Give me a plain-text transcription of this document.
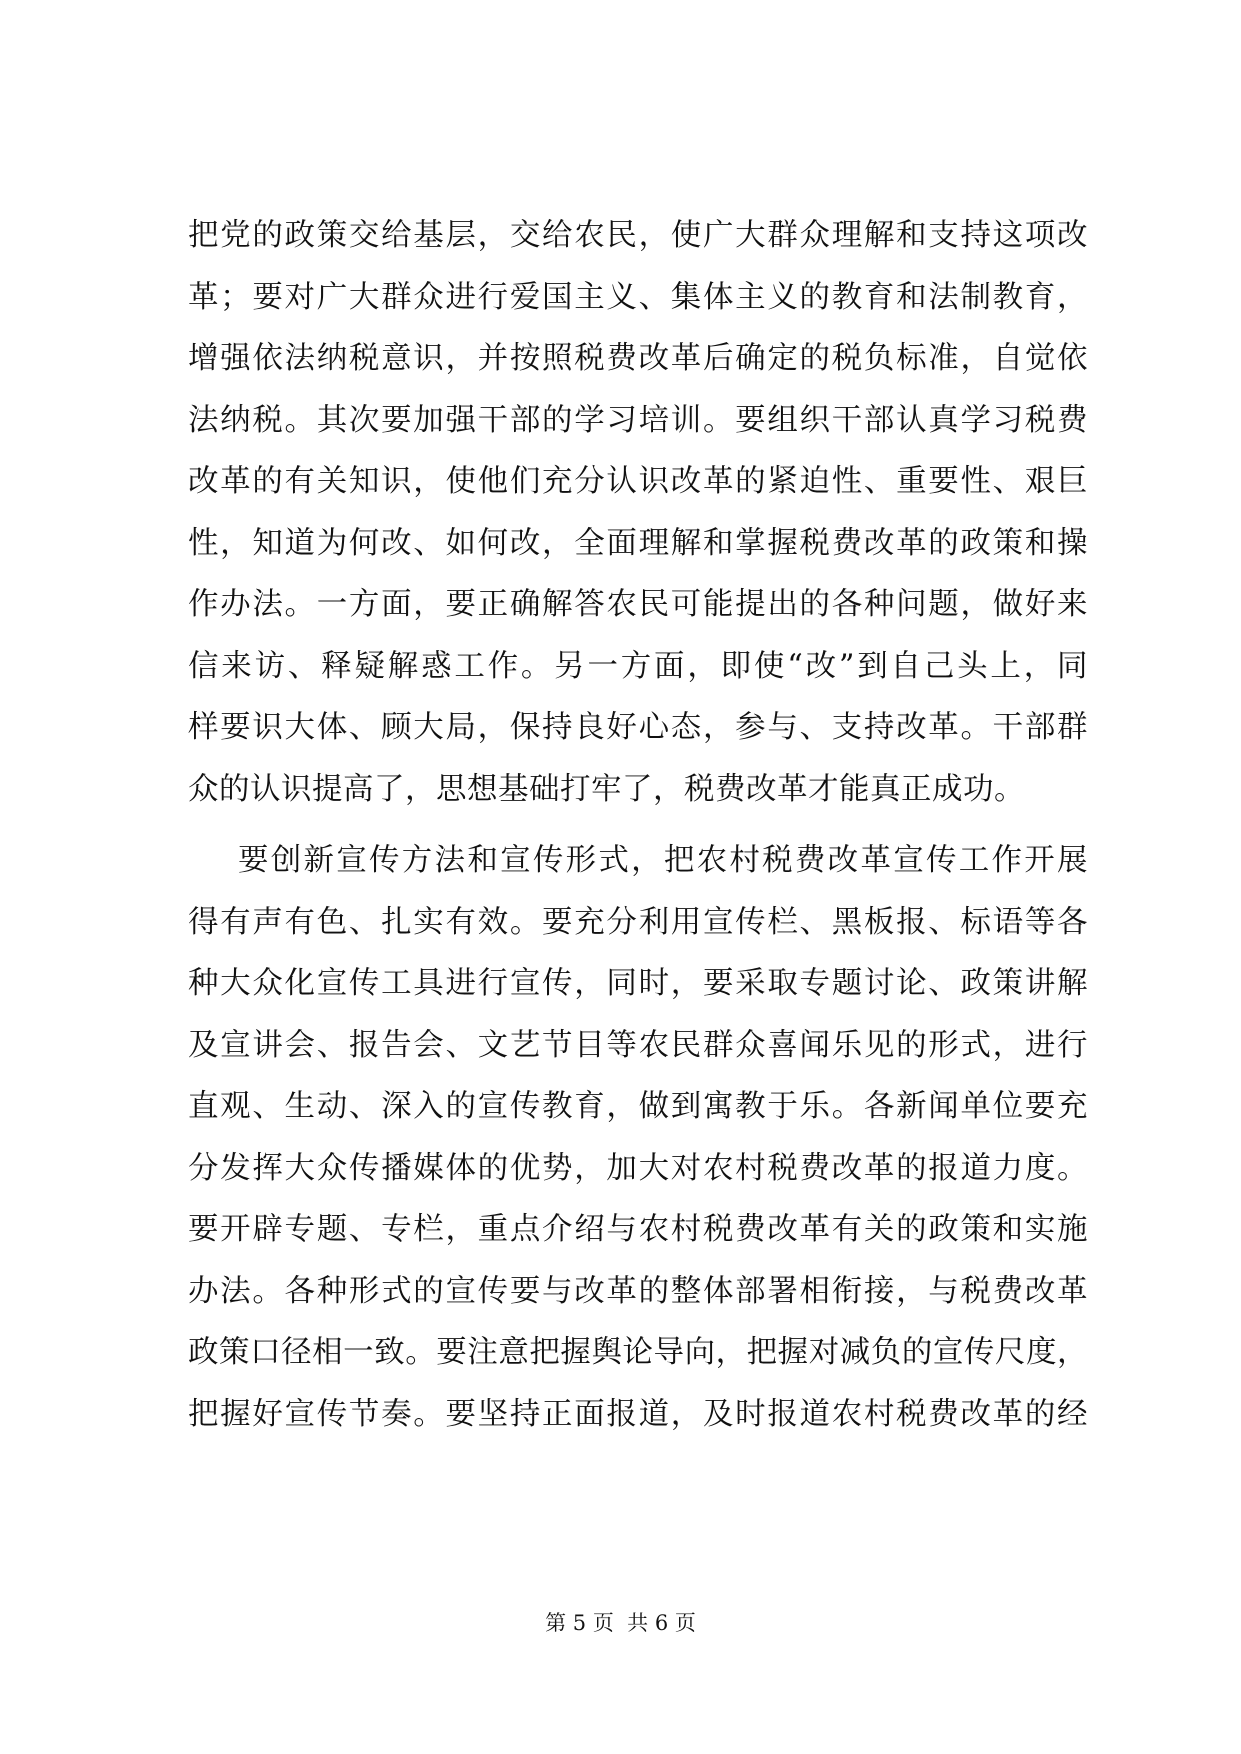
把党的政策交给基层，交给农民，使广大群众理解和支持这项改
革；要对广大群众进行爱国主义、集体主义的教育和法制教育，
增强依法纳税意识，并按照税费改革后确定的税负标准，自觉依
法纳税。其次要加强干部的学习培训。要组织干部认真学习税费
改革的有关知识，使他们充分认识改革的紧迫性、重要性、艰巨
性，知道为何改、如何改，全面理解和掌握税费改革的政策和操
作办法。一方面，要正确解答农民可能提出的各种问题，做好来
信来访、释疑解惑工作。另一方面，即使“改”到自己头上，同
样要识大体、顾大局，保持良好心态，参与、支持改革。干部群
众的认识提高了，思想基础打牢了，税费改革才能真正成功。
要创新宣传方法和宣传形式，把农村税费改革宣传工作开展
得有声有色、扎实有效。要充分利用宣传栏、黑板报、标语等各
种大众化宣传工具进行宣传，同时，要采取专题讨论、政策讲解
及宣讲会、报告会、文艺节目等农民群众喜闻乐见的形式，进行
直观、生动、深入的宣传教育，做到寓教于乐。各新闻单位要充
分发挥大众传播媒体的优势，加大对农村税费改革的报道力度。
要开辟专题、专栏，重点介绍与农村税费改革有关的政策和实施
办法。各种形式的宣传要与改革的整体部署相衔接，与税费改革
政策口径相一致。要注意把握舆论导向，把握对减负的宣传尺度，
把握好宣传节奏。要坚持正面报道，及时报道农村税费改革的经
第 5 页  共 6 页
